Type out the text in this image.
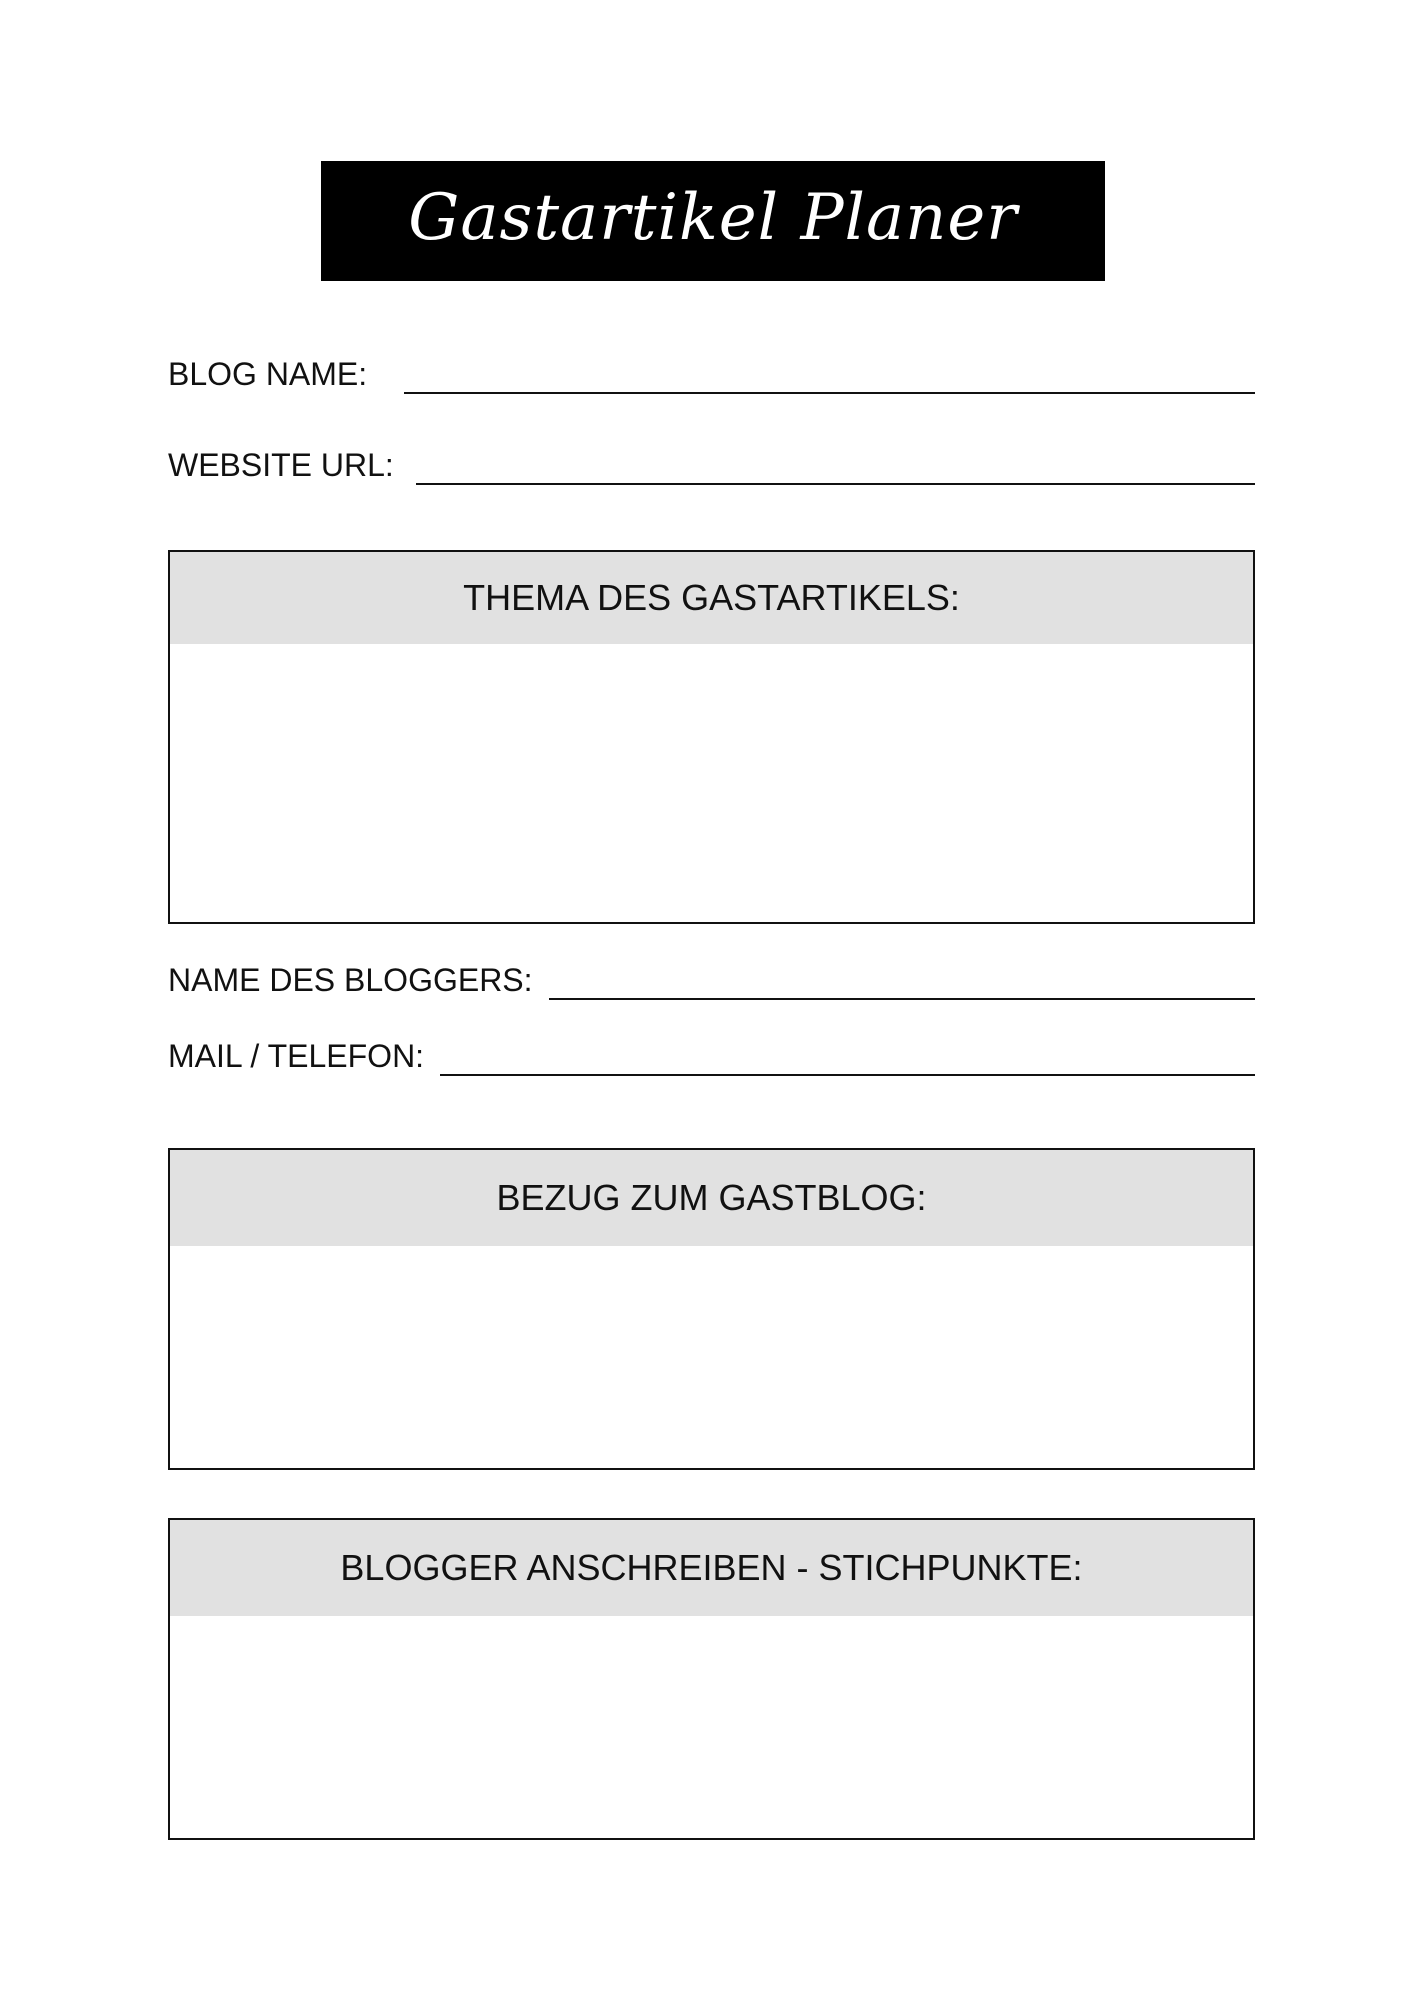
Gastartikel Planer
BLOG NAME:
WEBSITE URL:
THEMA DES GASTARTIKELS:
NAME DES BLOGGERS:
MAIL / TELEFON:
BEZUG ZUM GASTBLOG:
BLOGGER ANSCHREIBEN - STICHPUNKTE:
